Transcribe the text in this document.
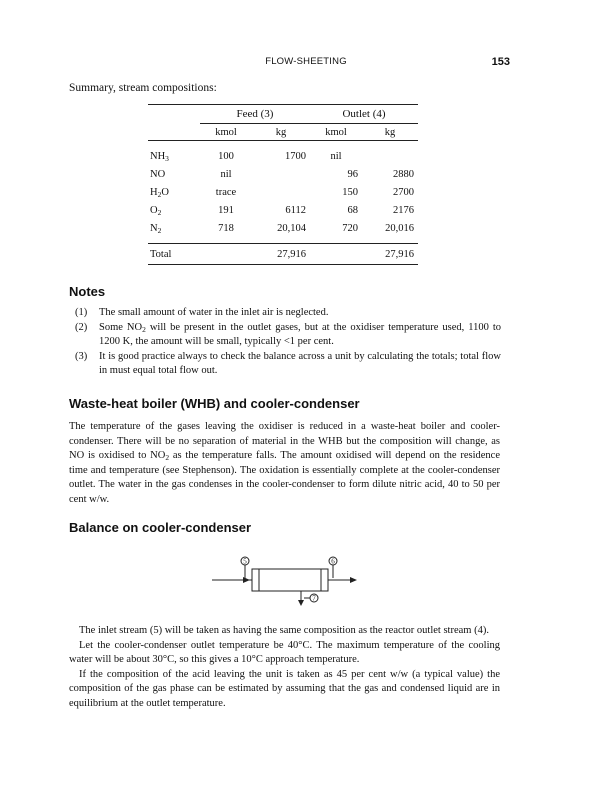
FLOW-SHEETING	153
Summary, stream compositions:

	Feed (3)		Outlet (4)	
	kmol	kg	kmol	kg

$NH_3$	100	1700	nil	
NO	nil		96	2880
$H_2O$	trace		150	2700
$O_2$	191	6112	68	2176
$N_2$	718	20,104	720	20,016

Total		27,916		27,916

Notes
(1)	The small amount of water in the inlet air is neglected.
(2)	Some $NO_2$ will be present in the outlet gases, but at the oxidiser temperature used, 1100 to 1200 K, the amount will be small, typically <1 per cent.
(3)	It is good practice always to check the balance across a unit by calculating the totals; total flow in must equal total flow out.
Waste-heat boiler (WHB) and cooler-condenser

The temperature of the gases leaving the oxidiser is reduced in a waste-heat boiler and cooler-condenser. There will be no separation of material in the WHB but the composition will change, as NO is oxidised to $NO_2$ as the temperature falls. The amount oxidised will depend on the residence time and temperature (see Stephenson). The oxidation is essentially complete at the cooler-condenser outlet. The water in the gas condenses in the cooler-condenser to form dilute nitric acid, 40 to 50 per cent w/w.

Balance on cooler-condenser
5	6
7

The inlet stream (5) will be taken as having the same composition as the reactor outlet stream (4).

Let the cooler-condenser outlet temperature be 40°C. The maximum temperature of the cooling water will be about 30°C, so this gives a 10°C approach temperature.

If the composition of the acid leaving the unit is taken as 45 per cent w/w (a typical value) the composition of the gas phase can be estimated by assuming that the gas and condensed liquid are in equilibrium at the outlet temperature.
